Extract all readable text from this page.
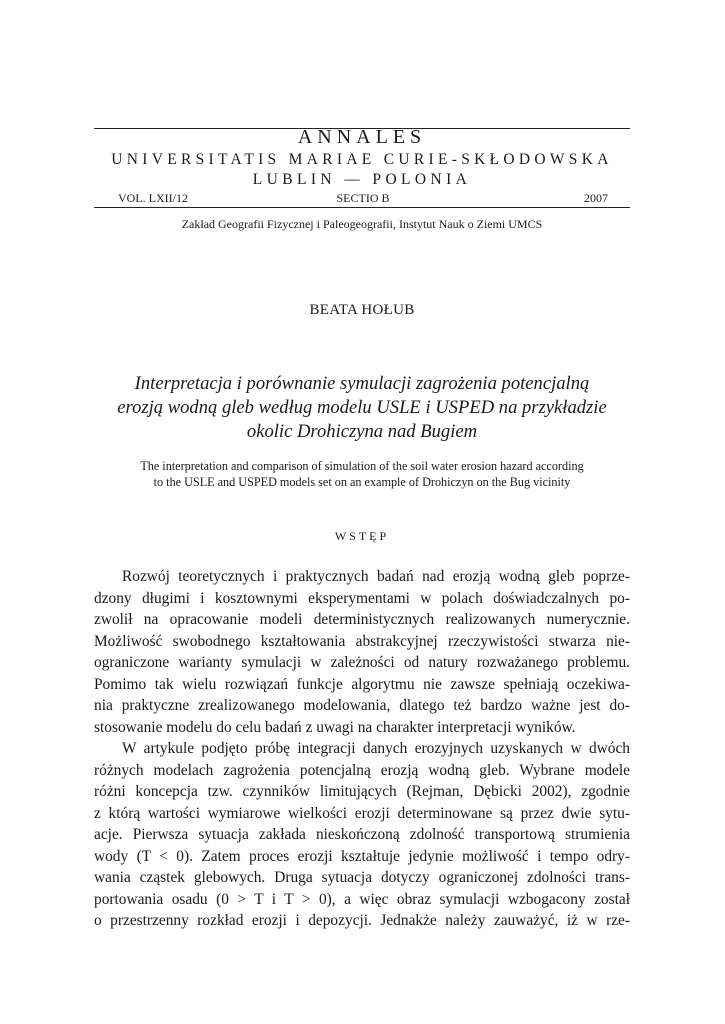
ANNALES
UNIVERSITATIS MARIAE CURIE-SKŁODOWSKA
LUBLIN — POLONIA
VOL. LXII/12	SECTIO B	2007
Zakład Geografii Fizycznej i Paleogeografii, Instytut Nauk o Ziemi UMCS
BEATA HOŁUB
Interpretacja i porównanie symulacji zagrożenia potencjalną
erozją wodną gleb według modelu USLE i USPED na przykładzie
okolic Drohiczyna nad Bugiem
The interpretation and comparison of simulation of the soil water erosion hazard according
to the USLE and USPED models set on an example of Drohiczyn on the Bug vicinity
WSTĘP
Rozwój teoretycznych i praktycznych badań nad erozją wodną gleb poprze-
dzony długimi i kosztownymi eksperymentami w polach doświadczalnych po-
zwolił na opracowanie modeli deterministycznych realizowanych numerycznie.
Możliwość swobodnego kształtowania abstrakcyjnej rzeczywistości stwarza nie-
ograniczone warianty symulacji w zależności od natury rozważanego problemu.
Pomimo tak wielu rozwiązań funkcje algorytmu nie zawsze spełniają oczekiwa-
nia praktyczne zrealizowanego modelowania, dlatego też bardzo ważne jest do-
stosowanie modelu do celu badań z uwagi na charakter interpretacji wyników.
W artykule podjęto próbę integracji danych erozyjnych uzyskanych w dwóch
różnych modelach zagrożenia potencjalną erozją wodną gleb. Wybrane modele
różni koncepcja tzw. czynników limitujących (Rejman, Dębicki 2002), zgodnie
z którą wartości wymiarowe wielkości erozji determinowane są przez dwie sytu-
acje. Pierwsza sytuacja zakłada nieskończoną zdolność transportową strumienia
wody (T < 0). Zatem proces erozji kształtuje jedynie możliwość i tempo odry-
wania cząstek glebowych. Druga sytuacja dotyczy ograniczonej zdolności trans-
portowania osadu (0 > T i T > 0), a więc obraz symulacji wzbogacony został
o przestrzenny rozkład erozji i depozycji. Jednakże należy zauważyć, iż w rze-
